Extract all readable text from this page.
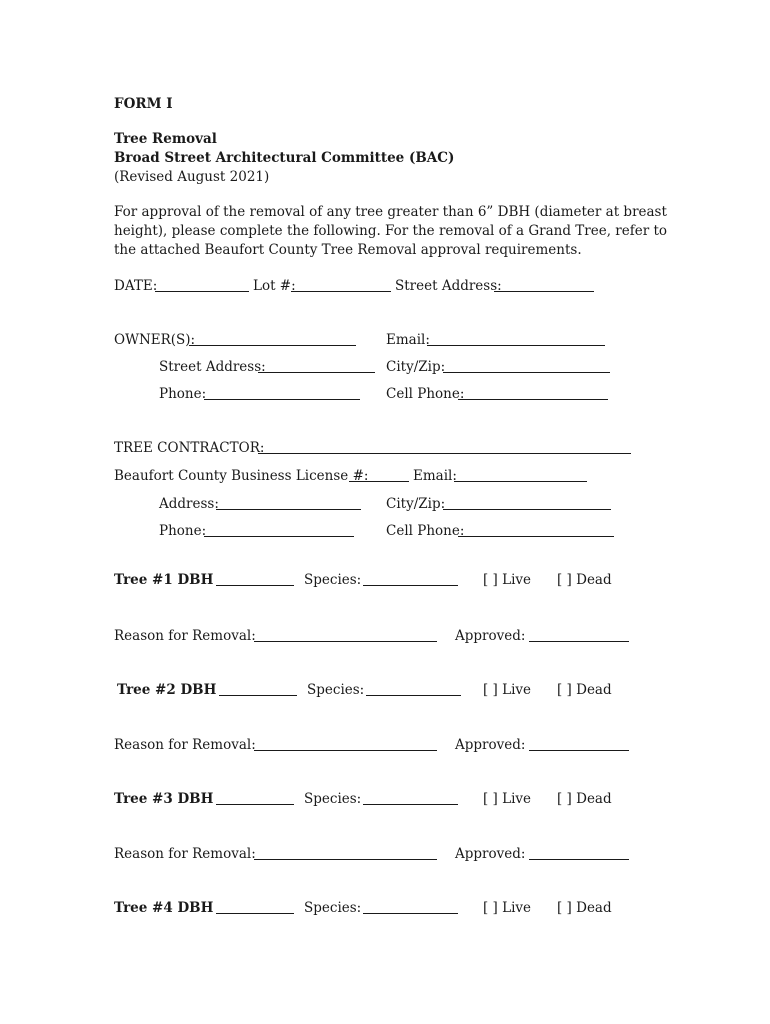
FORM I
Tree Removal
Broad Street Architectural Committee (BAC)
(Revised August 2021)
For approval of the removal of any tree greater than 6” DBH (diameter at breast height), please complete the following. For the removal of a Grand Tree, refer to the attached Beaufort County Tree Removal approval requirements.
DATE:	Lot #:	Street Address:
OWNER(S):	Email:
Street Address:	City/Zip:
Phone:	Cell Phone:
TREE CONTRACTOR:
Beaufort County Business License #:	Email:
Address:	City/Zip:
Phone:	Cell Phone:
Tree #1 DBH	Species:	[ ] Live [ ] Dead
Reason for Removal:	Approved:
Tree #2 DBH	Species:	[ ] Live [ ] Dead
Reason for Removal:	Approved:
Tree #3 DBH	Species:	[ ] Live [ ] Dead
Reason for Removal:	Approved:
Tree #4 DBH	Species:	[ ] Live [ ] Dead
